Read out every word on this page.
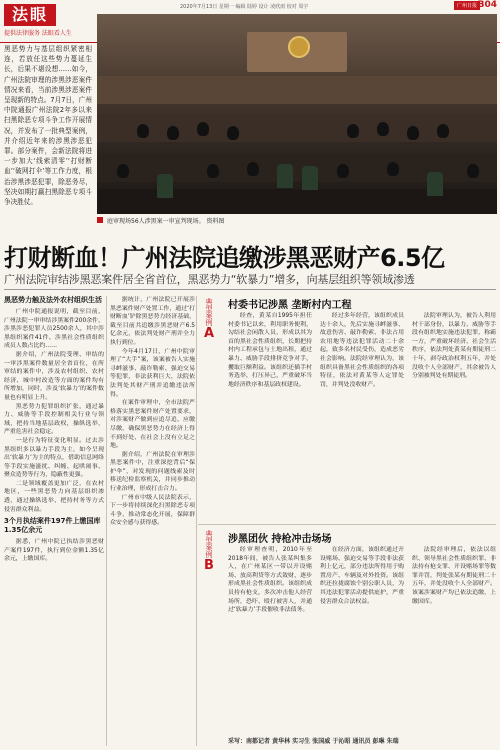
法眼
提供法律服务 法眼看人生
2020年7月13日 星期一 编辑 陆婷 设计 凌欣雨 校对 周宇	广州日报 B04
黑恶势力与基层组织紧密相连，若放任这些势力蔓延生长，后果不堪设想……如今，广州法院审理的涉黑涉恶案件情况来看，当前涉黑涉恶案件呈现新的特点。7月7日，广州中院通报广州法院2年多以来扫黑除恶专项斗争工作开展情况，并发布了一批典型案例，并介绍近年来的涉黑涉恶犯罪。部分案件，会新法院将进一步加大‘线索清零’‘打财断血’‘破网打伞’等工作力度，根治涉黑涉恶犯罪，除恶务尽，坚决如期打赢扫黑除恶专项斗争决胜仗。
庭审现场56人涉黑案一审宣判现场。 资料图
打财断血！广州法院追缴涉黑恶财产6.5亿
广州法院审结涉黑恶案件居全省首位，黑恶势力“软暴力”增多，向基层组织等领域渗透
黑恶势力触及法外农村组织生活

广州中院通报说明，截至目前，广州法院一审审结涉黑案件200余件，涉黑涉恶犯罪人员2500余人，其中涉黑组织案件41件、涉黑社会性质组织成员人数占比约……

据介绍，广州法院受理、审结的一审涉黑案件数量居全省首位，在所审结的案件中，涉及农村组织、农村经济、城中村改造等方面的案件均有所增加，同时，涉及‘软暴力’的案件数量也有明显上升。

黑恶势力犯罪组织扩张，通过暴力、威胁等手段控制相关行业与领域，把持当地基层政权，操纵选举，严重危害社会稳定。

一是行为特征变化明显。过去涉黑组织多以暴力手段为主，如今呈现出‘软暴力’为主的特点，借助信息网络等手段实施滋扰、纠缠、起哄闹事、聚众造势等行为，隐蔽性更强。

二是领域覆盖更加广泛，在农村地区，一些黑恶势力向基层组织渗透，通过操纵选举、把持村务等方式侵害群众利益。

3个月执结案件197件上缴国库1.35亿余元

据悉，广州中院已执结涉黑恶财产案件197件，执行到位金额1.35亿余元，上缴国库。

据统计，广州法院已开展涉黑恶案件财产处置工作，通过‘打财断血’铲除黑恶势力经济基础，截至目前共追缴涉黑恶财产6.5亿余元，依法判处财产刑并全力执行到位。

今年4月17日，广州中院审理了“大手”案，该案被告人实施寻衅滋事、敲诈勒索、强迫交易等犯罪，非法获利巨大，法院依法判处其财产刑并追缴违法所得。

在案件审理中，全市法院严格落实黑恶案件财产处置要求，对涉案财产做到应追尽追、应缴尽缴，确保黑恶势力在经济上得不到好处、在社会上没有立足之地。

据介绍，广州法院在审理涉黑恶案件中，注重深挖背后“保护伞”，对发现的问题线索及时移送纪检监察机关，并同步推动行业治理，形成打击合力。

广州市中级人民法院表示，下一步将持续深化扫黑除恶专项斗争，推动常态化开展，保障群众安全感与获得感。

典型案例
A
村委书记涉黑 垄断村内工程

经查，黄某自1995年担任村委书记以来，利用职务便利，勾结社会闲散人员，形成以其为首的黑社会性质组织，长期把持村内工程承包与土地出租，通过暴力、威胁手段排挤竞争对手，攫取巨额利益。该组织还插手村务选举，打压异己，严重破坏当地经济秩序和基层政权建设。

经过多年经营，该组织成员达十余人，先后实施寻衅滋事、故意伤害、敲诈勒索、非法占用农用地等违法犯罪活动二十余起，致多名村民受伤，造成恶劣社会影响。法院经审理认为，该组织具备黑社会性质组织的各项特征，依法对黄某等人定罪处罚，并判处没收财产。

法院审理认为，被告人利用村干部身份，以暴力、威胁等手段有组织地实施违法犯罪，称霸一方，严重破坏经济、社会生活秩序，依法判处黄某有期徒刑二十年，剥夺政治权利五年，并处没收个人全部财产，其余被告人分别被判处有期徒刑。

典型案例
B
涉黑团伙 持枪冲击场场

经审理查明，2010年至2018年间，被告人张某纠集多人，在广州某区一带以开设赌场、放高利贷等方式敛财，逐步形成黑社会性质组织。该组织成员持有枪支，多次冲击他人经营场所，恐吓、殴打被害人，并通过‘软暴力’手段催收非法债务。

在经济方面，该组织通过开设赌场、强迫交易等手段非法获利上亿元，部分违法所得用于购置房产、车辆及对外投资。该组织还拉拢腐蚀个别公职人员，为其违法犯罪活动提供庇护，严重侵害群众合法权益。

法院经审理后，依法以组织、领导黑社会性质组织罪、非法持有枪支罪、开设赌场罪等数罪并罚，判处张某有期徒刑二十五年，并处没收个人全部财产。该案涉案财产均已依法追缴，上缴国库。

采写：南都记者 黄华林 实习生 张国威 于沁昭 通讯员 彭琳 朱瑞
